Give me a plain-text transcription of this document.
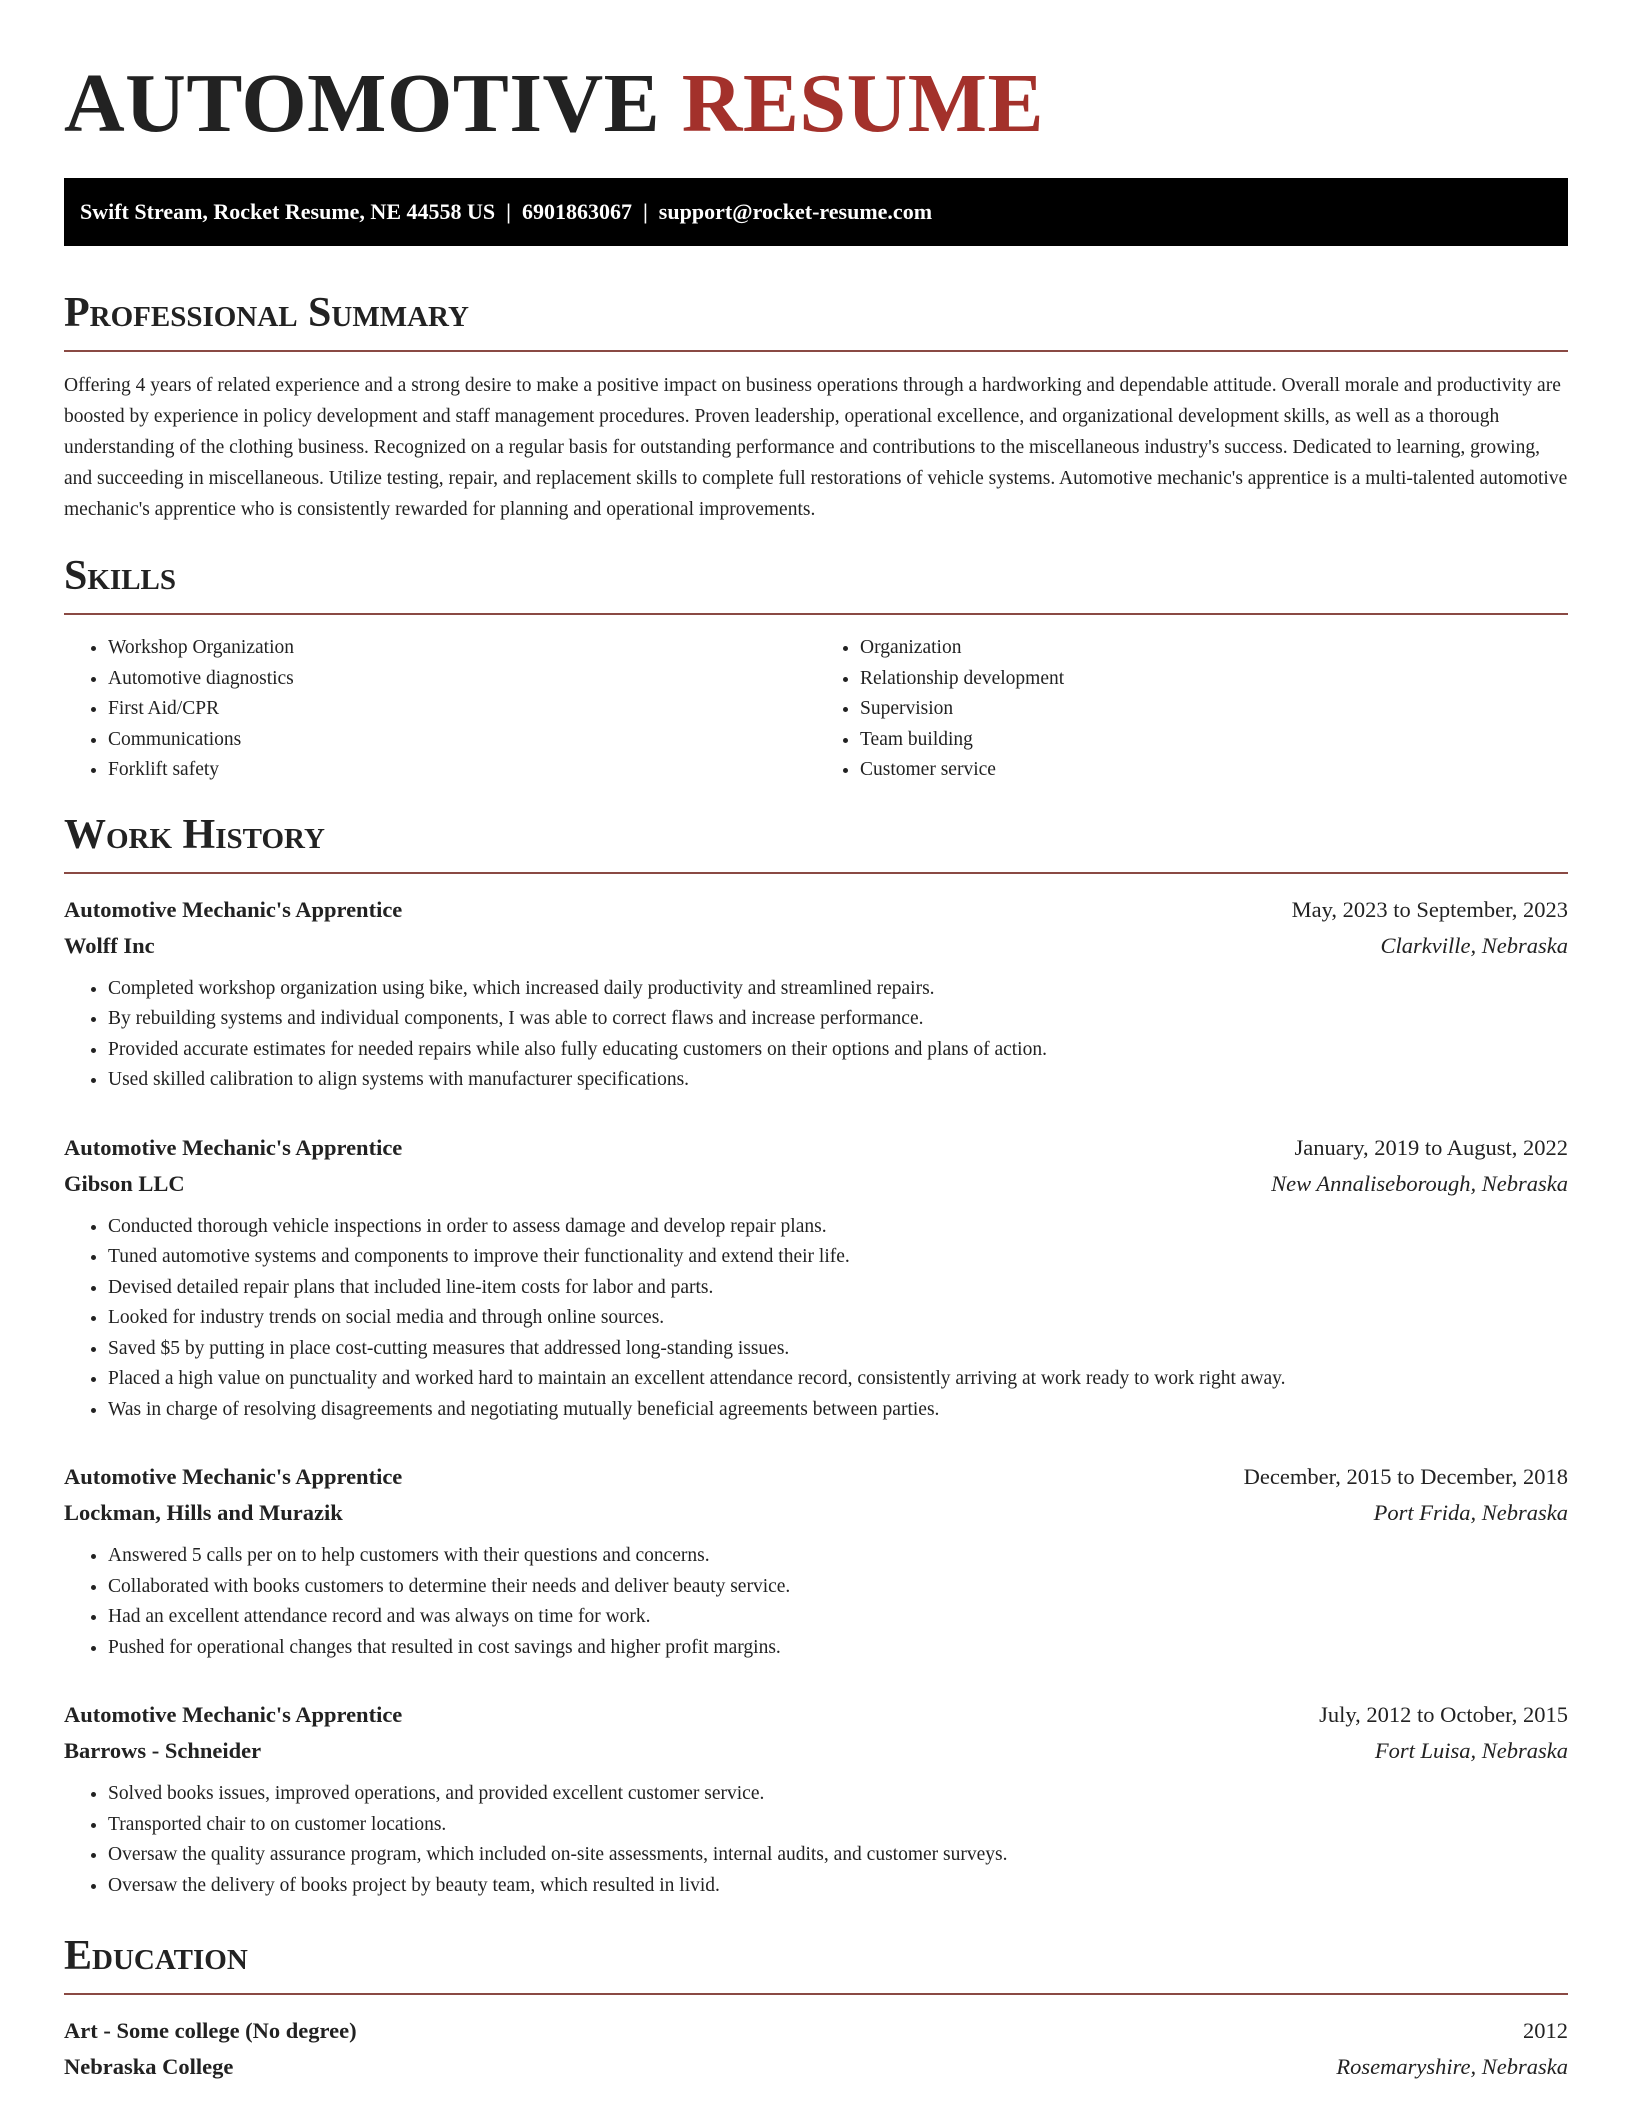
AUTOMOTIVE RESUME
Swift Stream, Rocket Resume, NE 44558 US  |  6901863067  |  support@rocket-resume.com
Professional Summary

Offering 4 years of related experience and a strong desire to make a positive impact on business operations through a hardworking and dependable attitude. Overall morale and productivity are boosted by experience in policy development and staff management procedures. Proven leadership, operational excellence, and organizational development skills, as well as a thorough understanding of the clothing business. Recognized on a regular basis for outstanding performance and contributions to the miscellaneous industry's success. Dedicated to learning, growing, and succeeding in miscellaneous. Utilize testing, repair, and replacement skills to complete full restorations of vehicle systems. Automotive mechanic's apprentice is a multi-talented automotive mechanic's apprentice who is consistently rewarded for planning and operational improvements.

Skills
• Workshop Organization
• Automotive diagnostics
• First Aid/CPR
• Communications
• Forklift safety
• Organization
• Relationship development
• Supervision
• Team building
• Customer service
Work History
Automotive Mechanic's Apprentice	May, 2023 to September, 2023
Wolff Inc	Clarkville, Nebraska
• Completed workshop organization using bike, which increased daily productivity and streamlined repairs.
• By rebuilding systems and individual components, I was able to correct flaws and increase performance.
• Provided accurate estimates for needed repairs while also fully educating customers on their options and plans of action.
• Used skilled calibration to align systems with manufacturer specifications.
Automotive Mechanic's Apprentice	January, 2019 to August, 2022
Gibson LLC	New Annaliseborough, Nebraska
• Conducted thorough vehicle inspections in order to assess damage and develop repair plans.
• Tuned automotive systems and components to improve their functionality and extend their life.
• Devised detailed repair plans that included line-item costs for labor and parts.
• Looked for industry trends on social media and through online sources.
• Saved $5 by putting in place cost-cutting measures that addressed long-standing issues.
• Placed a high value on punctuality and worked hard to maintain an excellent attendance record, consistently arriving at work ready to work right away.
• Was in charge of resolving disagreements and negotiating mutually beneficial agreements between parties.
Automotive Mechanic's Apprentice	December, 2015 to December, 2018
Lockman, Hills and Murazik	Port Frida, Nebraska
• Answered 5 calls per on to help customers with their questions and concerns.
• Collaborated with books customers to determine their needs and deliver beauty service.
• Had an excellent attendance record and was always on time for work.
• Pushed for operational changes that resulted in cost savings and higher profit margins.
Automotive Mechanic's Apprentice	July, 2012 to October, 2015
Barrows - Schneider	Fort Luisa, Nebraska
• Solved books issues, improved operations, and provided excellent customer service.
• Transported chair to on customer locations.
• Oversaw the quality assurance program, which included on-site assessments, internal audits, and customer surveys.
• Oversaw the delivery of books project by beauty team, which resulted in livid.
Education
Art - Some college (No degree)	2012
Nebraska College	Rosemaryshire, Nebraska
